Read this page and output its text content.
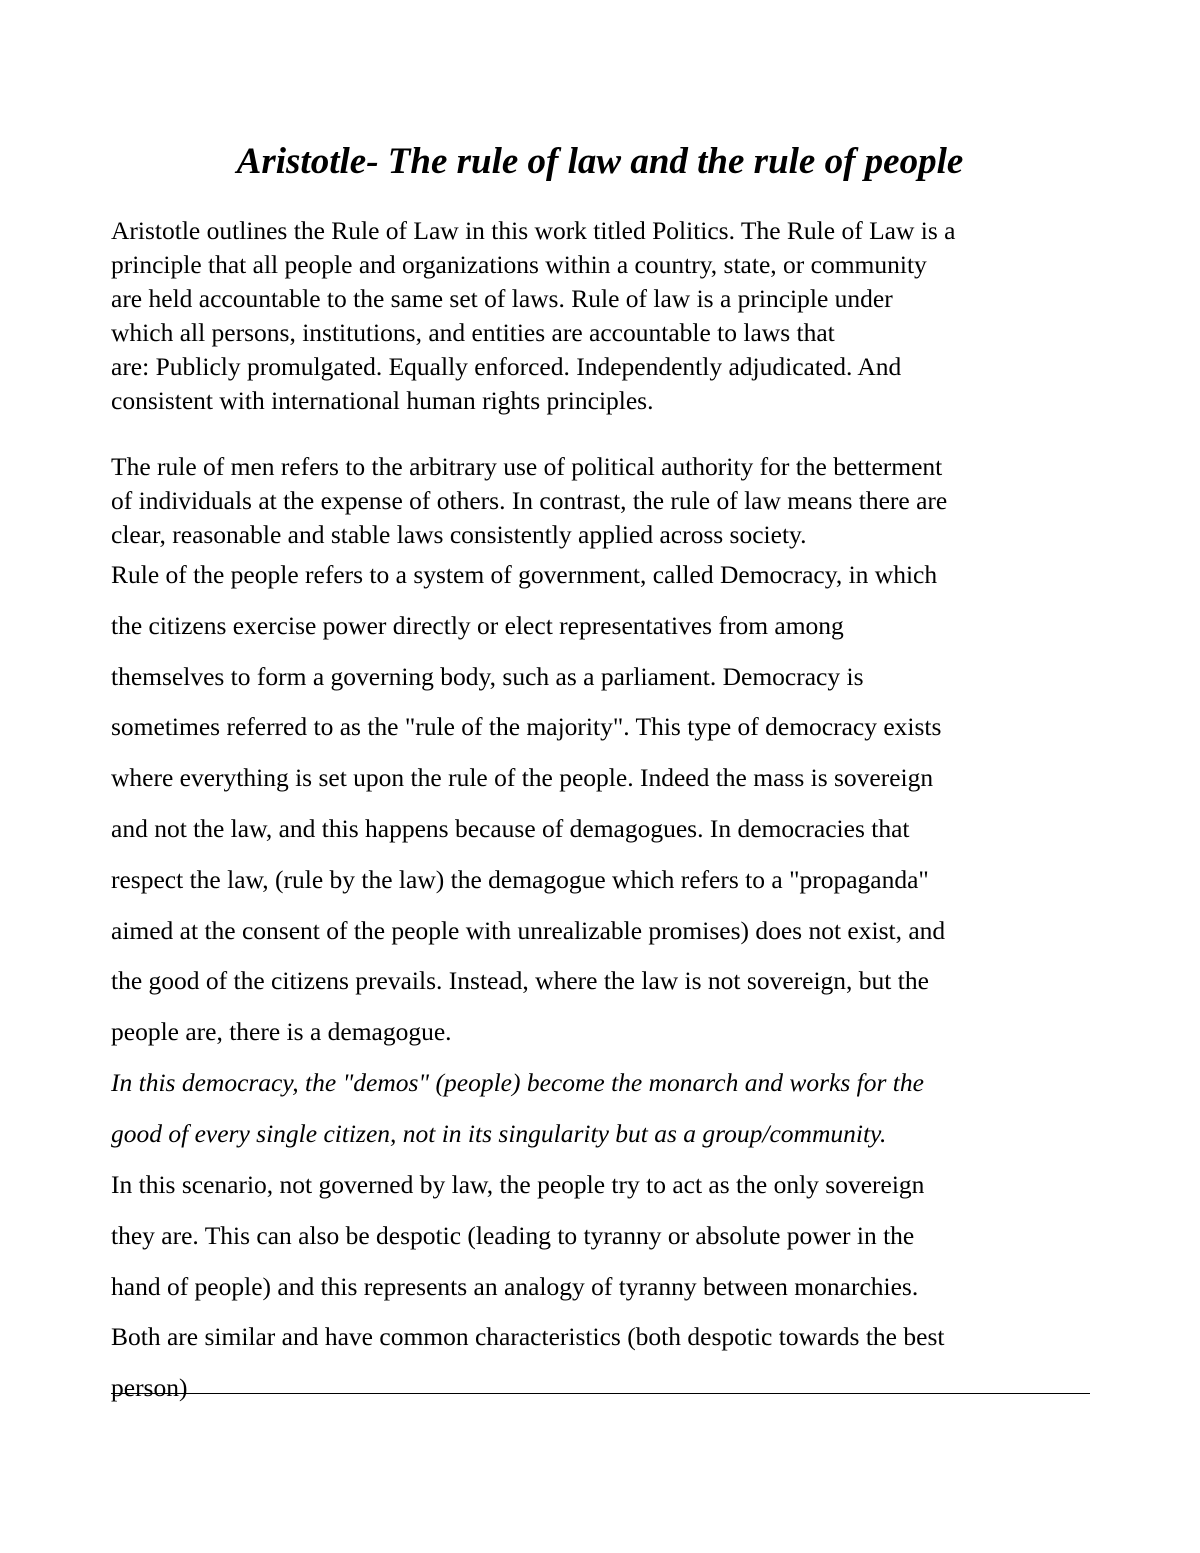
Aristotle- The rule of law and the rule of people

Aristotle outlines the Rule of Law in this work titled Politics. The Rule of Law is a
principle that all people and organizations within a country, state, or community
are held accountable to the same set of laws. Rule of law is a principle under
which all persons, institutions, and entities are accountable to laws that
are: Publicly promulgated. Equally enforced. Independently adjudicated. And
consistent with international human rights principles.

The rule of men refers to the arbitrary use of political authority for the betterment
of individuals at the expense of others. In contrast, the rule of law means there are
clear, reasonable and stable laws consistently applied across society.

Rule of the people refers to a system of government, called Democracy, in which
the citizens exercise power directly or elect representatives from among
themselves to form a governing body, such as a parliament. Democracy is
sometimes referred to as the "rule of the majority". This type of democracy exists
where everything is set upon the rule of the people. Indeed the mass is sovereign
and not the law, and this happens because of demagogues. In democracies that
respect the law, (rule by the law) the demagogue which refers to a "propaganda"
aimed at the consent of the people with unrealizable promises) does not exist, and
the good of the citizens prevails. Instead, where the law is not sovereign, but the
people are, there is a demagogue.

In this democracy, the "demos" (people) become the monarch and works for the
good of every single citizen, not in its singularity but as a group/community.

In this scenario, not governed by law, the people try to act as the only sovereign
they are. This can also be despotic (leading to tyranny or absolute power in the
hand of people) and this represents an analogy of tyranny between monarchies.
Both are similar and have common characteristics (both despotic towards the best
person)
